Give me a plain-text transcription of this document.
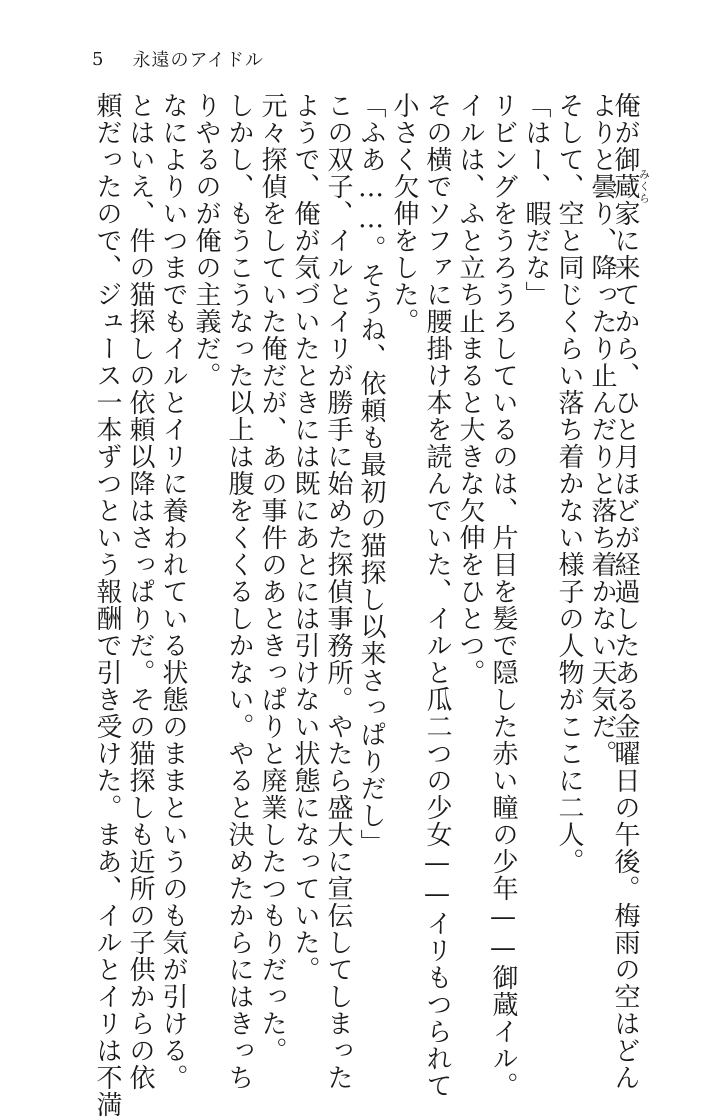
5 永遠のアイドル
俺が御蔵みくら家に来てから、ひと月ほどが経過したある金曜日の午後。梅雨の空はどん
よりと曇り、降ったり止んだりと落ち着かない天気だ。
そして、空と同じくらい落ち着かない様子の人物がここに二人。
「はー、暇だな」
リビングをうろうろしているのは、片目を髪で隠した赤い瞳の少年——御蔵イル。
イルは、ふと立ち止まると大きな欠伸をひとつ。
その横でソファに腰掛け本を読んでいた、イルと瓜二つの少女——イリもつられて
小さく欠伸をした。
「ふあ……。そうね、依頼も最初の猫探し以来さっぱりだし」
この双子、イルとイリが勝手に始めた探偵事務所。やたら盛大に宣伝してしまった
ようで、俺が気づいたときには既にあとには引けない状態になっていた。
元々探偵をしていた俺だが、あの事件のあときっぱりと廃業したつもりだった。
しかし、もうこうなった以上は腹をくくるしかない。やると決めたからにはきっち
りやるのが俺の主義だ。
なによりいつまでもイルとイリに養われている状態のままというのも気が引ける。
とはいえ、件の猫探しの依頼以降はさっぱりだ。その猫探しも近所の子供からの依
頼だったので、ジュース一本ずつという報酬で引き受けた。まあ、イルとイリは不満
